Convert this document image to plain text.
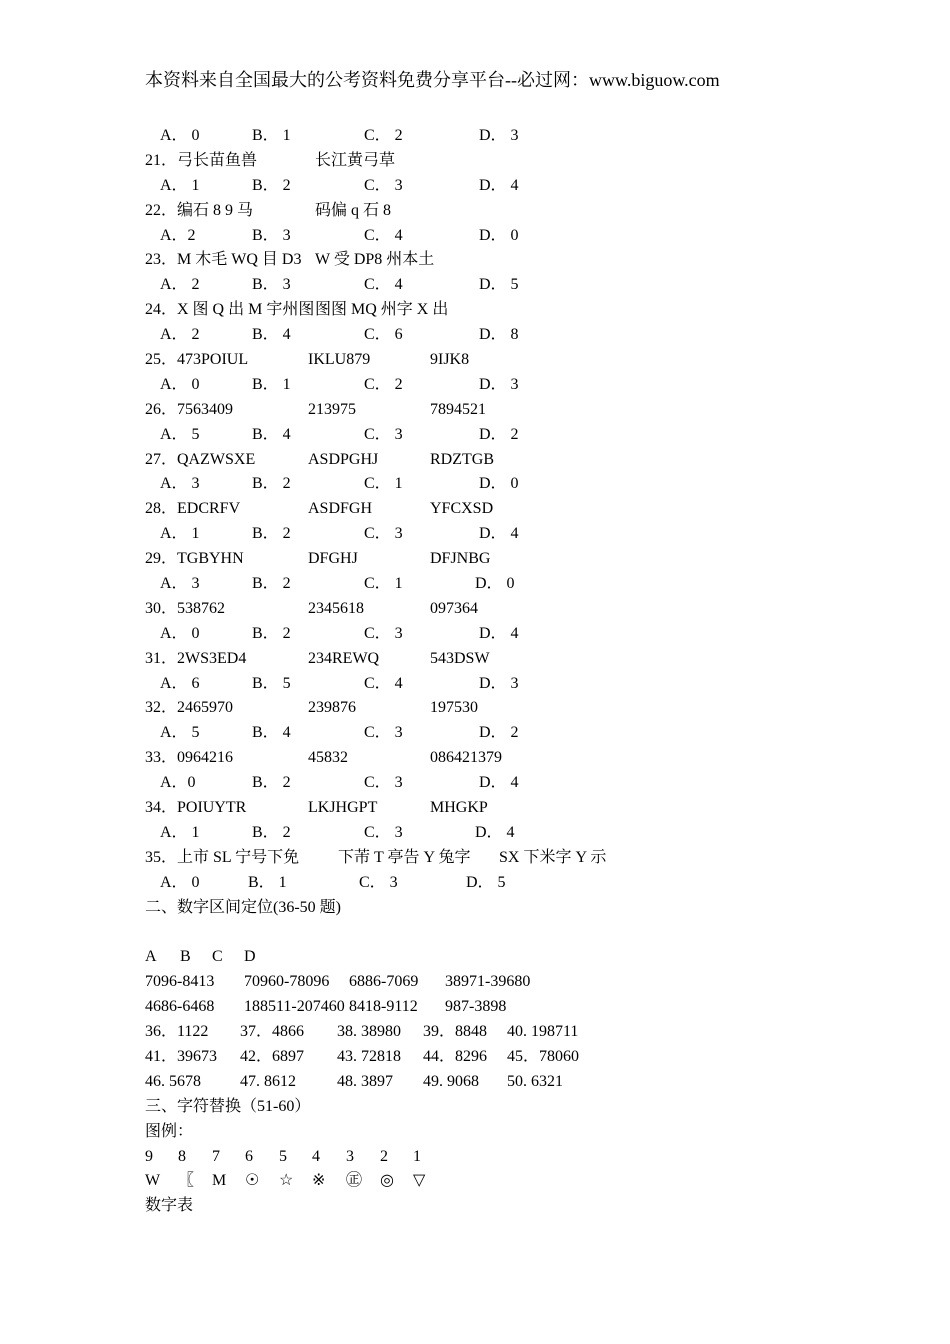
本资料来自全国最大的公考资料免费分享平台--必过网：www.biguow.com
A． 0	B． 1	C． 2	D． 3
21．弓长苗鱼兽	长江黄弓草
A． 1	B． 2	C． 3	D． 4
22．编石 8 9 马	码偏 q 石 8
A．2	B． 3	C． 4	D． 0
23．M 木毛 WQ 目 D3 W 受 DP8 州本土
A． 2	B． 3	C． 4	D． 5
24．X 图 Q 出 M 宇州图 图图 MQ 州字 X 出
A． 2	B． 4	C． 6	D． 8
25．473POIUL	IKLU879	9IJK8
A． 0	B． 1	C． 2	D． 3
26．7563409	213975	7894521
A． 5	B． 4	C． 3	D． 2
27．QAZWSXE	ASDPGHJ	RDZTGB
A． 3	B． 2	C． 1	D． 0
28．EDCRFV	ASDFGH	YFCXSD
A． 1	B． 2	C． 3	D． 4
29．TGBYHN	DFGHJ	DFJNBG
A． 3	B． 2	C． 1	D． 0
30．538762	2345618	097364
A． 0	B． 2	C． 3	D． 4
31．2WS3ED4	234REWQ	543DSW
A． 6	B． 5	C． 4	D． 3
32．2465970	239876	197530
A． 5	B． 4	C． 3	D． 2
33．0964216	45832	086421379
A．0	B． 2	C． 3	D． 4
34．POIUYTR	LKJHGPT	MHGKP
A． 1	B． 2	C． 3	D． 4
35．上市 SL 宁号下免 下芾 T 亭告 Y 兔字 SX 下米字 Y 示
A． 0	B． 1	C． 3	D． 5
二、数字区间定位(36-50 题)
A B C D
7096-8413 70960-78096 6886-7069 38971-39680
4686-6468 188511-207460 8418-9112 987-3898
36．1122 37．4866 38. 38980 39．8848 40. 198711
41．39673 42．6897 43. 72818 44．8296 45．78060
46. 5678 47. 8612	48. 3897 49. 9068 50. 6321
三、字符替换（51-60）
图例：
9 8 7 6 5 4 3 2 1
W 〖 M ☉ ☆ ※ ㊣ ◎ ▽
数字表
